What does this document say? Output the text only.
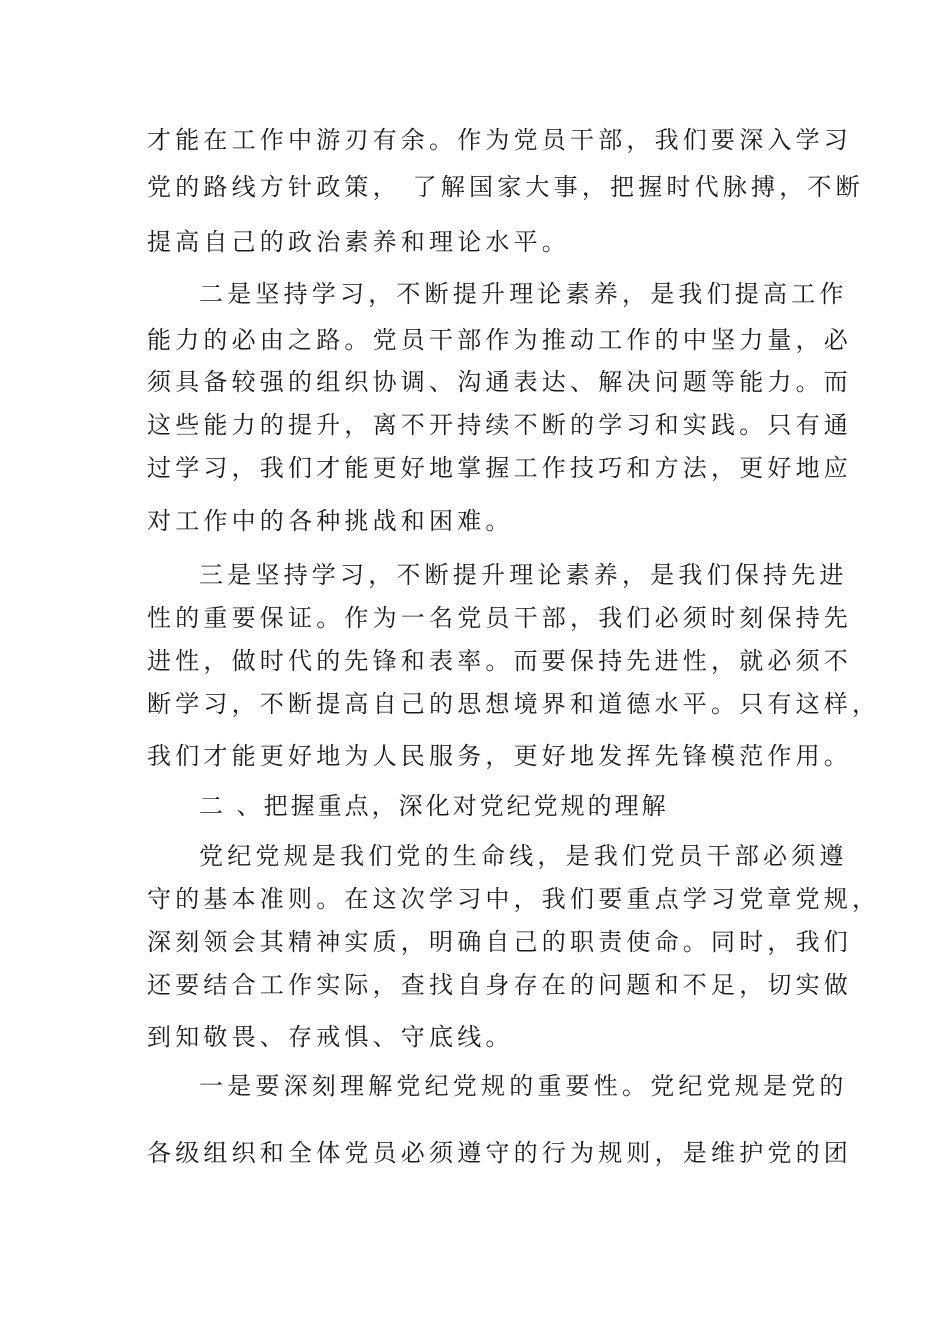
才能在工作中游刃有余。作为党员干部，我们要深入学习
党的路线方针政策， 了解国家大事，把握时代脉搏，不断
提高自己的政治素养和理论水平。
二是坚持学习，不断提升理论素养，是我们提高工作
能力的必由之路。党员干部作为推动工作的中坚力量，必
须具备较强的组织协调、沟通表达、解决问题等能力。而
这些能力的提升，离不开持续不断的学习和实践。只有通
过学习，我们才能更好地掌握工作技巧和方法，更好地应
对工作中的各种挑战和困难。
三是坚持学习，不断提升理论素养，是我们保持先进
性的重要保证。作为一名党员干部，我们必须时刻保持先
进性，做时代的先锋和表率。而要保持先进性，就必须不
断学习，不断提高自己的思想境界和道德水平。只有这样，
我们才能更好地为人民服务，更好地发挥先锋模范作用。
二 、把握重点，深化对党纪党规的理解
党纪党规是我们党的生命线，是我们党员干部必须遵
守的基本准则。在这次学习中，我们要重点学习党章党规，
深刻领会其精神实质，明确自己的职责使命。同时，我们
还要结合工作实际，查找自身存在的问题和不足，切实做
到知敬畏、存戒惧、守底线。
一是要深刻理解党纪党规的重要性。党纪党规是党的
各级组织和全体党员必须遵守的行为规则，是维护党的团
